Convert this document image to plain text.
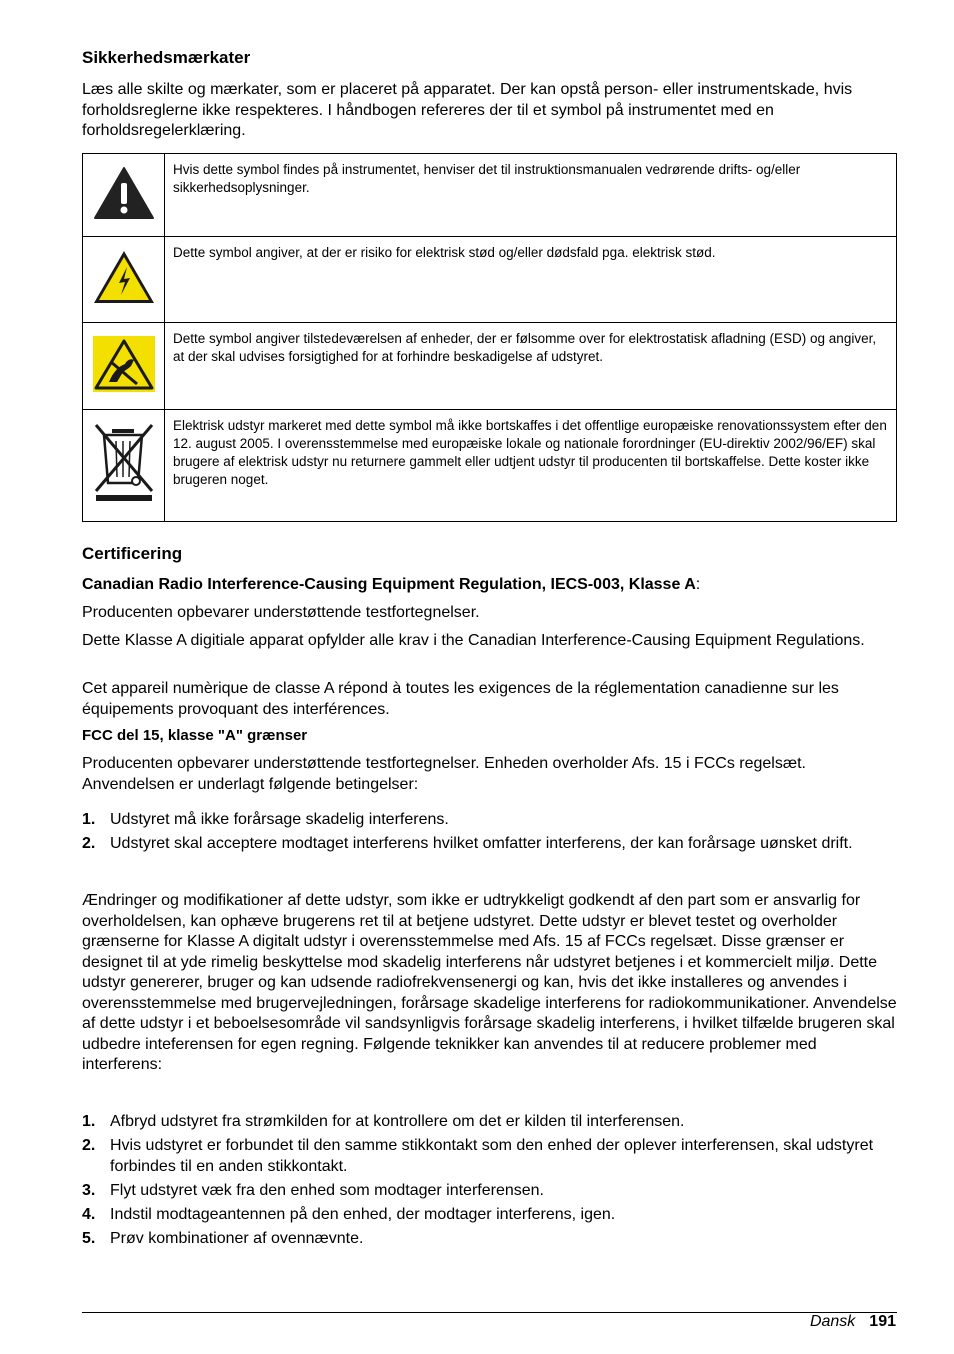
Sikkerhedsmærkater

Læs alle skilte og mærkater, som er placeret på apparatet. Der kan opstå person- eller instrumentskade, hvis forholdsreglerne ikke respekteres. I håndbogen refereres der til et symbol på instrumentet med en forholdsregelerklæring.

	Hvis dette symbol findes på instrumentet, henviser det til instruktionsmanualen vedrørende drifts- og/eller sikkerhedsoplysninger.
	Dette symbol angiver, at der er risiko for elektrisk stød og/eller dødsfald pga. elektrisk stød.
	Dette symbol angiver tilstedeværelsen af enheder, der er følsomme over for elektrostatisk afladning (ESD) og angiver, at der skal udvises forsigtighed for at forhindre beskadigelse af udstyret.
	Elektrisk udstyr markeret med dette symbol må ikke bortskaffes i det offentlige europæiske renovationssystem efter den 12. august 2005. I overensstemmelse med europæiske lokale og nationale forordninger (EU-direktiv 2002/96/EF) skal brugere af elektrisk udstyr nu returnere gammelt eller udtjent udstyr til producenten til bortskaffelse. Dette koster ikke brugeren noget.
Certificering

Canadian Radio Interference-Causing Equipment Regulation, IECS-003, Klasse A:

Producenten opbevarer understøttende testfortegnelser.

Dette Klasse A digitiale apparat opfylder alle krav i the Canadian Interference-Causing Equipment Regulations.

Cet appareil numèrique de classe A répond à toutes les exigences de la réglementation canadienne sur les équipements provoquant des interférences.

FCC del 15, klasse "A" grænser

Producenten opbevarer understøttende testfortegnelser. Enheden overholder Afs. 15 i FCCs regelsæt. Anvendelsen er underlagt følgende betingelser:

1. Udstyret må ikke forårsage skadelig interferens.
2. Udstyret skal acceptere modtaget interferens hvilket omfatter interferens, der kan forårsage uønsket drift.

Ændringer og modifikationer af dette udstyr, som ikke er udtrykkeligt godkendt af den part som er ansvarlig for overholdelsen, kan ophæve brugerens ret til at betjene udstyret. Dette udstyr er blevet testet og overholder grænserne for Klasse A digitalt udstyr i overensstemmelse med Afs. 15 af FCCs regelsæt. Disse grænser er designet til at yde rimelig beskyttelse mod skadelig interferens når udstyret betjenes i et kommercielt miljø. Dette udstyr genererer, bruger og kan udsende radiofrekvensenergi og kan, hvis det ikke installeres og anvendes i overensstemmelse med brugervejledningen, forårsage skadelige interferens for radiokommunikationer. Anvendelse af dette udstyr i et beboelsesområde vil sandsynligvis forårsage skadelig interferens, i hvilket tilfælde brugeren skal udbedre inteferensen for egen regning. Følgende teknikker kan anvendes til at reducere problemer med interferens:

1. Afbryd udstyret fra strømkilden for at kontrollere om det er kilden til interferensen.
2. Hvis udstyret er forbundet til den samme stikkontakt som den enhed der oplever interferensen, skal udstyret forbindes til en anden stikkontakt.
3. Flyt udstyret væk fra den enhed som modtager interferensen.
4. Indstil modtageantennen på den enhed, der modtager interferens, igen.
5. Prøv kombinationer af ovennævnte.
Dansk 191
